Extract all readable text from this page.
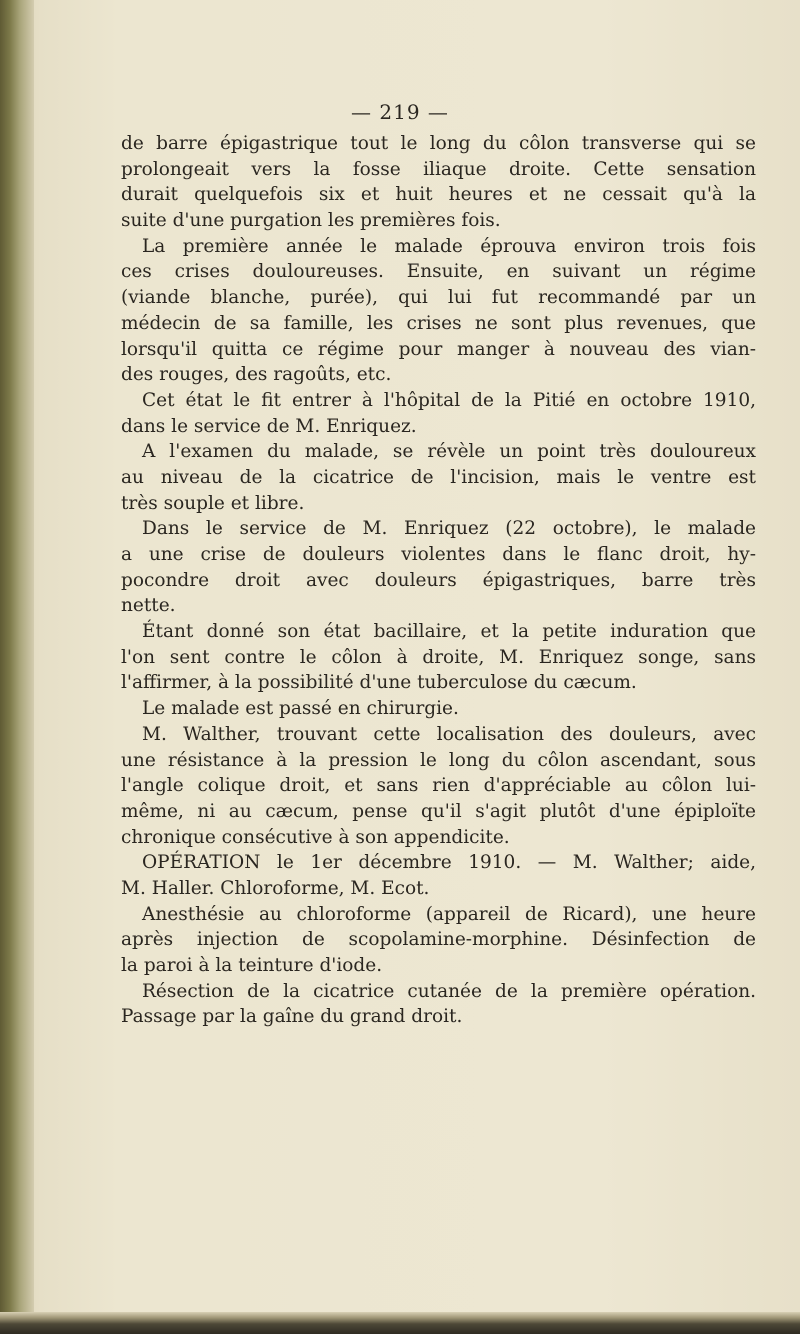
— 219 —
de barre épigastrique tout le long du côlon transverse qui se
prolongeait vers la fosse iliaque droite. Cette sensation
durait quelquefois six et huit heures et ne cessait qu'à la
suite d'une purgation les premières fois.
La première année le malade éprouva environ trois fois
ces crises douloureuses. Ensuite, en suivant un régime
(viande blanche, purée), qui lui fut recommandé par un
médecin de sa famille, les crises ne sont plus revenues, que
lorsqu'il quitta ce régime pour manger à nouveau des vian-
des rouges, des ragoûts, etc.
Cet état le fit entrer à l'hôpital de la Pitié en octobre 1910,
dans le service de M. Enriquez.
A l'examen du malade, se révèle un point très douloureux
au niveau de la cicatrice de l'incision, mais le ventre est
très souple et libre.
Dans le service de M. Enriquez (22 octobre), le malade
a une crise de douleurs violentes dans le flanc droit, hy-
pocondre droit avec douleurs épigastriques, barre très
nette.
Étant donné son état bacillaire, et la petite induration que
l'on sent contre le côlon à droite, M. Enriquez songe, sans
l'affirmer, à la possibilité d'une tuberculose du cæcum.
Le malade est passé en chirurgie.
M. Walther, trouvant cette localisation des douleurs, avec
une résistance à la pression le long du côlon ascendant, sous
l'angle colique droit, et sans rien d'appréciable au côlon lui-
même, ni au cæcum, pense qu'il s'agit plutôt d'une épiploïte
chronique consécutive à son appendicite.
OPÉRATION le 1er décembre 1910. — M. Walther; aide,
M. Haller. Chloroforme, M. Ecot.
Anesthésie au chloroforme (appareil de Ricard), une heure
après injection de scopolamine-morphine. Désinfection de
la paroi à la teinture d'iode.
Résection de la cicatrice cutanée de la première opération.
Passage par la gaîne du grand droit.
